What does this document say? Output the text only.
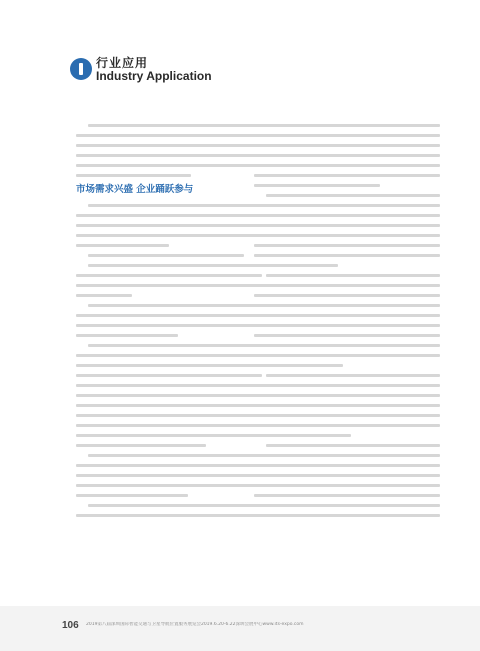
行业应用

Industry Application

市场需求兴盛 企业踊跃参与
106 2019第八届深圳国际智能交通与卫星导航位置服务展览会2019.6.20-6.22深圳会展中心www.its-expo.com
